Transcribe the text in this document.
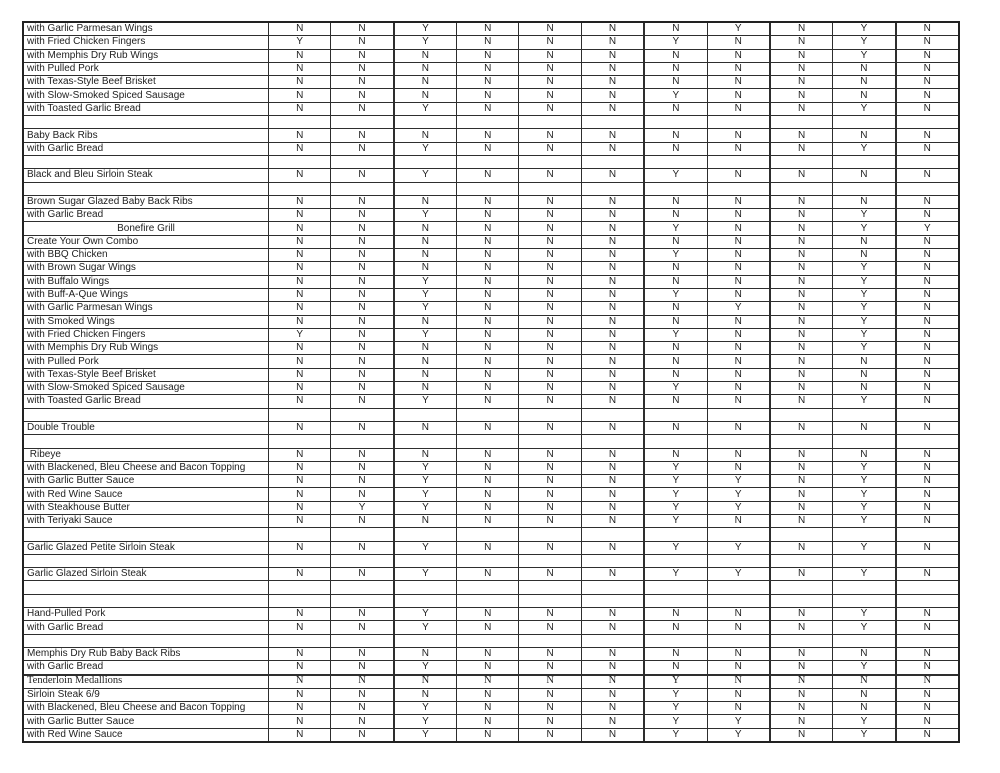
with Garlic Parmesan Wings	N	N	Y	N	N	N	N	Y	N	Y	N
with Fried Chicken Fingers	Y	N	Y	N	N	N	Y	N	N	Y	N
with Memphis Dry Rub Wings	N	N	N	N	N	N	N	N	N	Y	N
with Pulled Pork	N	N	N	N	N	N	N	N	N	N	N
with Texas-Style Beef Brisket	N	N	N	N	N	N	N	N	N	N	N
with Slow-Smoked Spiced Sausage	N	N	N	N	N	N	Y	N	N	N	N
with Toasted Garlic Bread	N	N	Y	N	N	N	N	N	N	Y	N
Baby Back Ribs	N	N	N	N	N	N	N	N	N	N	N
with Garlic Bread	N	N	Y	N	N	N	N	N	N	Y	N
Black and Bleu Sirloin Steak	N	N	Y	N	N	N	Y	N	N	N	N
Brown Sugar Glazed Baby Back Ribs	N	N	N	N	N	N	N	N	N	N	N
with Garlic Bread	N	N	Y	N	N	N	N	N	N	Y	N
Bonefire Grill	N	N	N	N	N	N	Y	N	N	Y	Y
Create Your Own Combo	N	N	N	N	N	N	N	N	N	N	N
with BBQ Chicken	N	N	N	N	N	N	Y	N	N	N	N
with Brown Sugar Wings	N	N	N	N	N	N	N	N	N	Y	N
with Buffalo Wings	N	N	Y	N	N	N	N	N	N	Y	N
with Buff-A-Que Wings	N	N	Y	N	N	N	Y	N	N	Y	N
with Garlic Parmesan Wings	N	N	Y	N	N	N	N	Y	N	Y	N
with Smoked Wings	N	N	N	N	N	N	N	N	N	Y	N
with Fried Chicken Fingers	Y	N	Y	N	N	N	Y	N	N	Y	N
with Memphis Dry Rub Wings	N	N	N	N	N	N	N	N	N	Y	N
with Pulled Pork	N	N	N	N	N	N	N	N	N	N	N
with Texas-Style Beef Brisket	N	N	N	N	N	N	N	N	N	N	N
with Slow-Smoked Spiced Sausage	N	N	N	N	N	N	Y	N	N	N	N
with Toasted Garlic Bread	N	N	Y	N	N	N	N	N	N	Y	N
Double Trouble	N	N	N	N	N	N	N	N	N	N	N
Ribeye	N	N	N	N	N	N	N	N	N	N	N
with Blackened, Bleu Cheese and Bacon Topping	N	N	Y	N	N	N	Y	N	N	Y	N
with Garlic Butter Sauce	N	N	Y	N	N	N	Y	Y	N	Y	N
with Red Wine Sauce	N	N	Y	N	N	N	Y	Y	N	Y	N
with Steakhouse Butter	N	Y	Y	N	N	N	Y	Y	N	Y	N
with Teriyaki Sauce	N	N	N	N	N	N	Y	N	N	Y	N
Garlic Glazed Petite Sirloin Steak	N	N	Y	N	N	N	Y	Y	N	Y	N
Garlic Glazed Sirloin Steak	N	N	Y	N	N	N	Y	Y	N	Y	N
Hand-Pulled Pork	N	N	Y	N	N	N	N	N	N	Y	N
with Garlic Bread	N	N	Y	N	N	N	N	N	N	Y	N
Memphis Dry Rub Baby Back Ribs	N	N	N	N	N	N	N	N	N	N	N
with Garlic Bread	N	N	Y	N	N	N	N	N	N	Y	N
Tenderloin Medallions	N	N	N	N	N	N	Y	N	N	N	N
Sirloin Steak 6/9	N	N	N	N	N	N	Y	N	N	N	N
with Blackened, Bleu Cheese and Bacon Topping	N	N	Y	N	N	N	Y	N	N	N	N
with Garlic Butter Sauce	N	N	Y	N	N	N	Y	Y	N	Y	N
with Red Wine Sauce	N	N	Y	N	N	N	Y	Y	N	Y	N
